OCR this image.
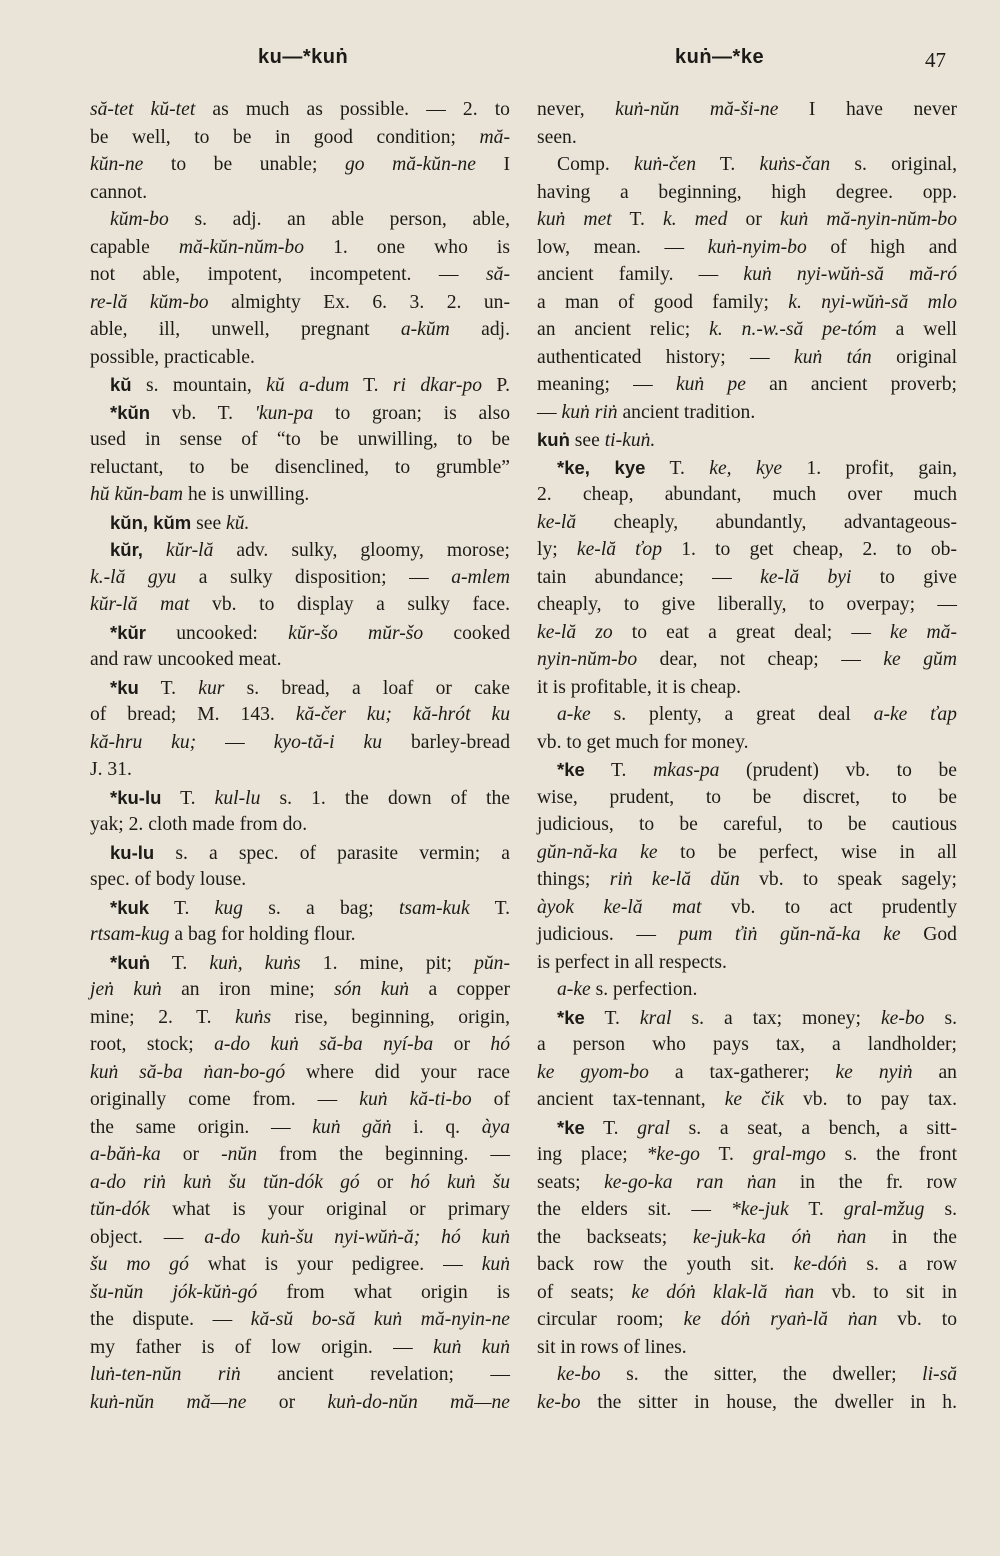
ku—*kuṅ	kuṅ—*ke	47
să-tet kŭ-tet as much as possible. — 2. to
be well, to be in good condition; mă-
kŭn-ne to be unable; go mă-kŭn-ne I
cannot.
kŭm-bo s. adj. an able person, able,
capable mă-kŭn-nŭm-bo 1. one who is
not able, impotent, incompetent. — să-
re-lă kŭm-bo almighty Ex. 6. 3. 2. un-
able, ill, unwell, pregnant a-kŭm adj.
possible, practicable.
kŭ s. mountain, kŭ a-dum T. ri dkar-po P.
*kŭn vb. T. 'kun-pa to groan; is also
used in sense of “to be unwilling, to be
reluctant, to be disenclined, to grumble”
hŭ kŭn-bam he is unwilling.
kŭn, kŭm see kŭ.
kŭr, kŭr-lă adv. sulky, gloomy, morose;
k.-lă gyu a sulky disposition; — a-mlem
kŭr-lă mat vb. to display a sulky face.
*kŭr uncooked: kŭr-šo mŭr-šo cooked
and raw uncooked meat.
*ku T. kur s. bread, a loaf or cake
of bread; M. 143. kă-čer ku; kă-hrót ku
kă-hru ku; — kyo-tă-i ku barley-bread
J. 31.
*ku-lu T. kul-lu s. 1. the down of the
yak; 2. cloth made from do.
ku-lu s. a spec. of parasite vermin; a
spec. of body louse.
*kuk T. kug s. a bag; tsam-kuk T.
rtsam-kug a bag for holding flour.
*kuṅ T. kuṅ, kuṅs 1. mine, pit; pŭn-
jeṅ kuṅ an iron mine; són kuṅ a copper
mine; 2. T. kuṅs rise, beginning, origin,
root, stock; a-do kuṅ să-ba nyí-ba or hó
kuṅ să-ba ṅan-bo-gó where did your race
originally come from. — kuṅ kă-ti-bo of
the same origin. — kuṅ găṅ i. q. àya
a-băṅ-ka or -nŭn from the beginning. —
a-do riṅ kuṅ šu tŭn-dók gó or hó kuṅ šu
tŭn-dók what is your original or primary
object. — a-do kuṅ-šu nyi-wŭṅ-ă; hó kuṅ
šu mo gó what is your pedigree. — kuṅ
šu-nŭn jók-kŭṅ-gó from what origin is
the dispute. — kă-sŭ bo-să kuṅ mă-nyin-ne
my father is of low origin. — kuṅ kuṅ
luṅ-ten-nŭn riṅ ancient revelation; —
kuṅ-nŭn mă—ne or kuṅ-do-nŭn mă—ne
never, kuṅ-nŭn mă-ši-ne I have never
seen.
Comp. kuṅ-čen T. kuṅs-čan s. original,
having a beginning, high degree. opp.
kuṅ met T. k. med or kuṅ mă-nyin-nŭm-bo
low, mean. — kuṅ-nyim-bo of high and
ancient family. — kuṅ nyi-wŭṅ-să mă-ró
a man of good family; k. nyi-wŭṅ-să mlo
an ancient relic; k. n.-w.-să pe-tóm a well
authenticated history; — kuṅ tán original
meaning; — kuṅ pe an ancient proverb;
— kuṅ riṅ ancient tradition.
kuṅ see ti-kuṅ.
*ke, kye T. ke, kye 1. profit, gain,
2. cheap, abundant, much over much
ke-lă cheaply, abundantly, advantageous-
ly; ke-lă ťop 1. to get cheap, 2. to ob-
tain abundance; — ke-lă byi to give
cheaply, to give liberally, to overpay; —
ke-lă zo to eat a great deal; — ke mă-
nyin-nŭm-bo dear, not cheap; — ke gŭm
it is profitable, it is cheap.
a-ke s. plenty, a great deal a-ke ťap
vb. to get much for money.
*ke T. mkas-pa (prudent) vb. to be
wise, prudent, to be discret, to be
judicious, to be careful, to be cautious
gŭn-nă-ka ke to be perfect, wise in all
things; riṅ ke-lă dŭn vb. to speak sagely;
àyok ke-lă mat vb. to act prudently
judicious. — pum ťiṅ gŭn-nă-ka ke God
is perfect in all respects.
a-ke s. perfection.
*ke T. kral s. a tax; money; ke-bo s.
a person who pays tax, a landholder;
ke gyom-bo a tax-gatherer; ke nyiṅ an
ancient tax-tennant, ke čik vb. to pay tax.
*ke T. gral s. a seat, a bench, a sitt-
ing place; *ke-go T. gral-mgo s. the front
seats; ke-go-ka ran ṅan in the fr. row
the elders sit. — *ke-juk T. gral-mžug s.
the backseats; ke-juk-ka óṅ ṅan in the
back row the youth sit. ke-dóṅ s. a row
of seats; ke dóṅ klak-lă ṅan vb. to sit in
circular room; ke dóṅ ryaṅ-lă ṅan vb. to
sit in rows of lines.
ke-bo s. the sitter, the dweller; li-să
ke-bo the sitter in house, the dweller in h.
